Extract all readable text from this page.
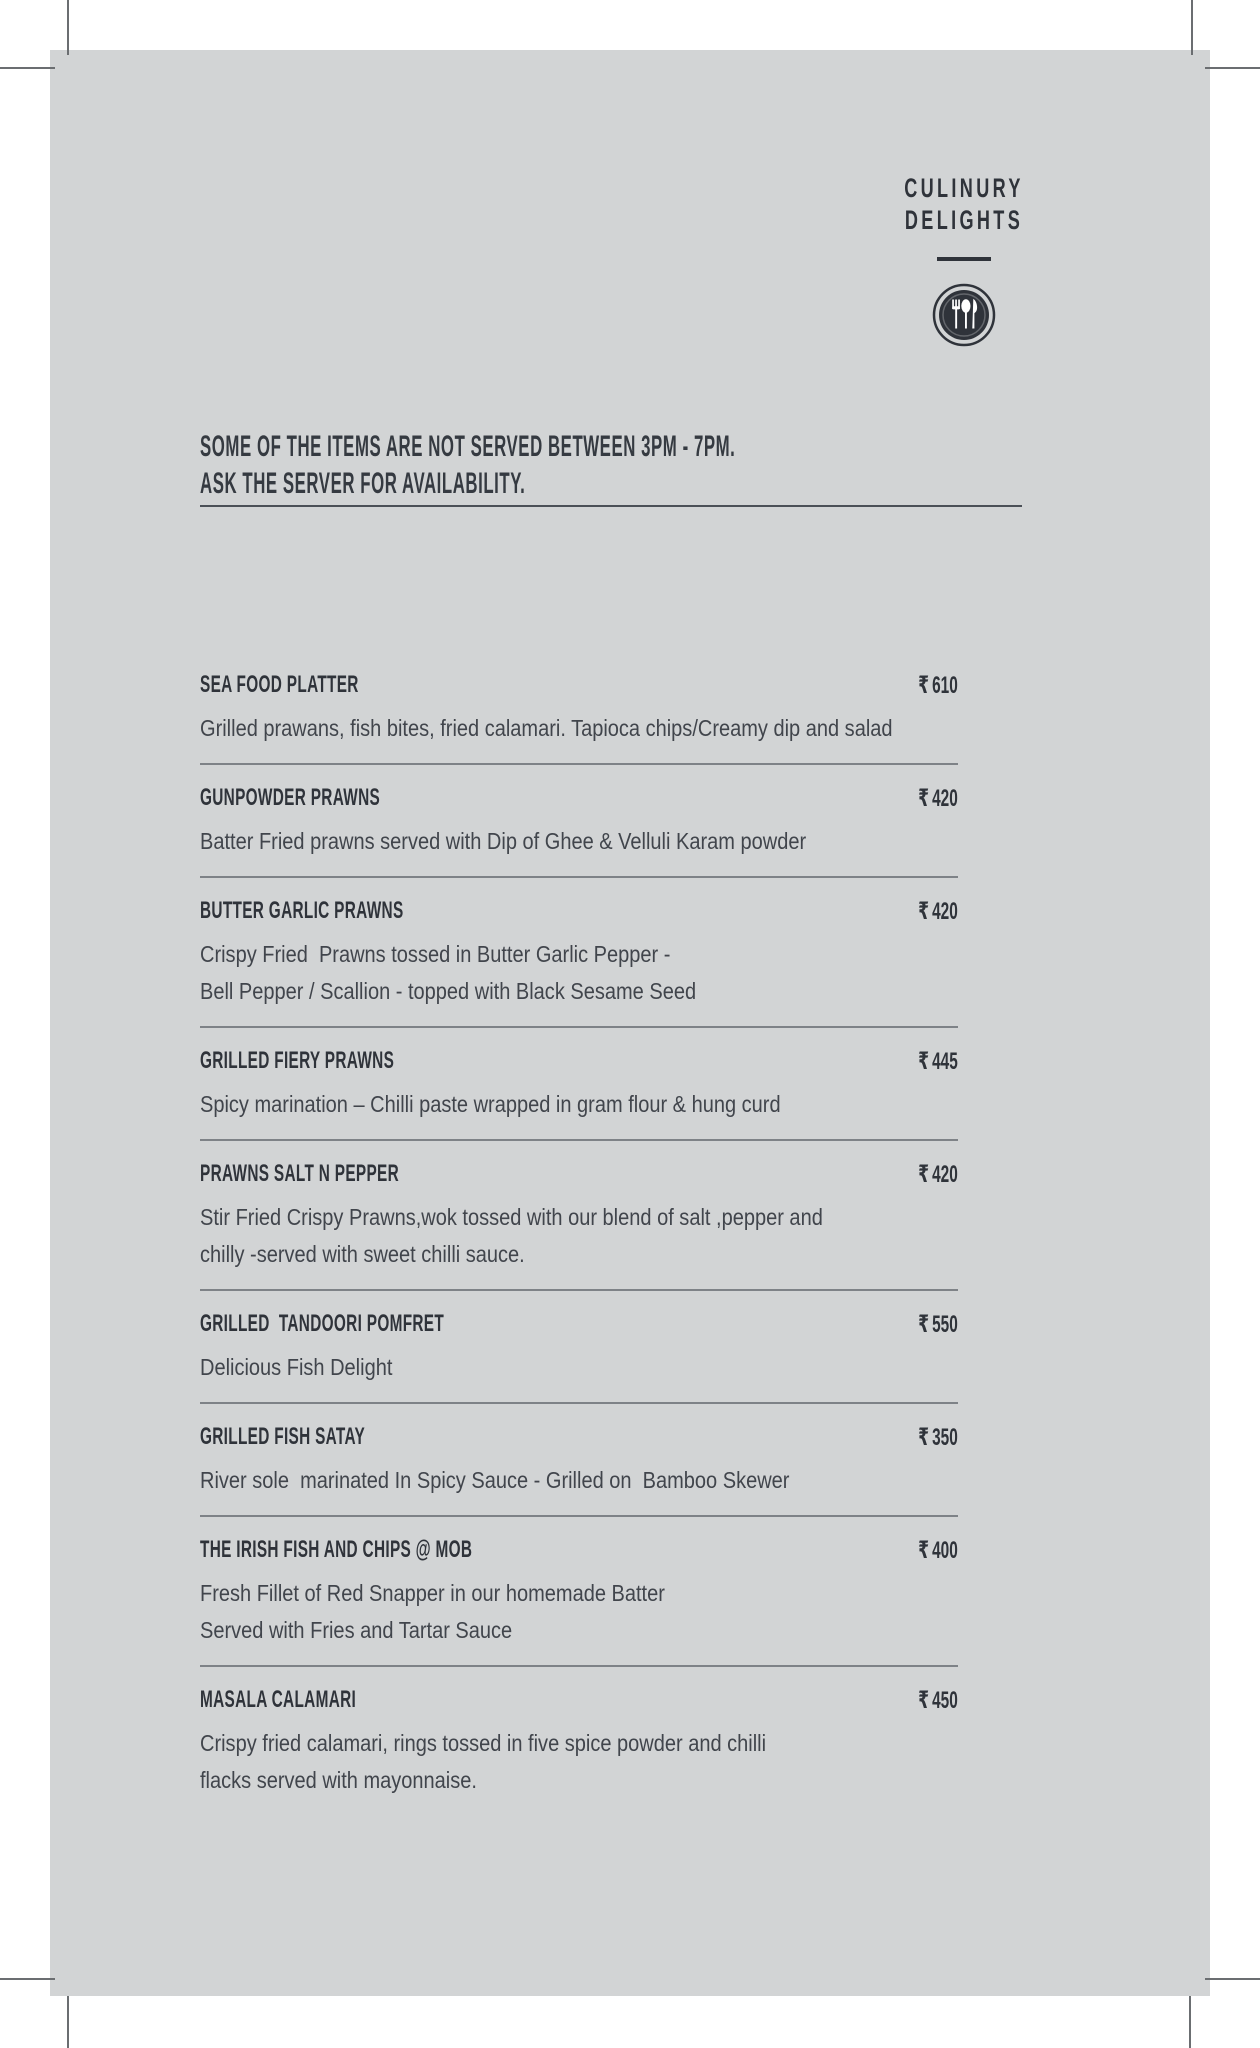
CULINURY
DELIGHTS
SOME OF THE ITEMS ARE NOT SERVED BETWEEN 3PM - 7PM.
ASK THE SERVER FOR AVAILABILITY.
SEA FOOD PLATTER	₹ 610
Grilled prawans, fish bites, fried calamari. Tapioca chips/Creamy dip and salad
GUNPOWDER PRAWNS	₹ 420
Batter Fried prawns served with Dip of Ghee & Velluli Karam powder
BUTTER GARLIC PRAWNS	₹ 420
Crispy Fried  Prawns tossed in Butter Garlic Pepper -
Bell Pepper / Scallion - topped with Black Sesame Seed
GRILLED FIERY PRAWNS	₹ 445
Spicy marination – Chilli paste wrapped in gram flour & hung curd
PRAWNS SALT N PEPPER	₹ 420
Stir Fried Crispy Prawns,wok tossed with our blend of salt ,pepper and
chilly -served with sweet chilli sauce.
GRILLED  TANDOORI POMFRET	₹ 550
Delicious Fish Delight
GRILLED FISH SATAY	₹ 350
River sole  marinated In Spicy Sauce - Grilled on  Bamboo Skewer
THE IRISH FISH AND CHIPS @ MOB	₹ 400
Fresh Fillet of Red Snapper in our homemade Batter
Served with Fries and Tartar Sauce
MASALA CALAMARI	₹ 450
Crispy fried calamari, rings tossed in five spice powder and chilli
flacks served with mayonnaise.
